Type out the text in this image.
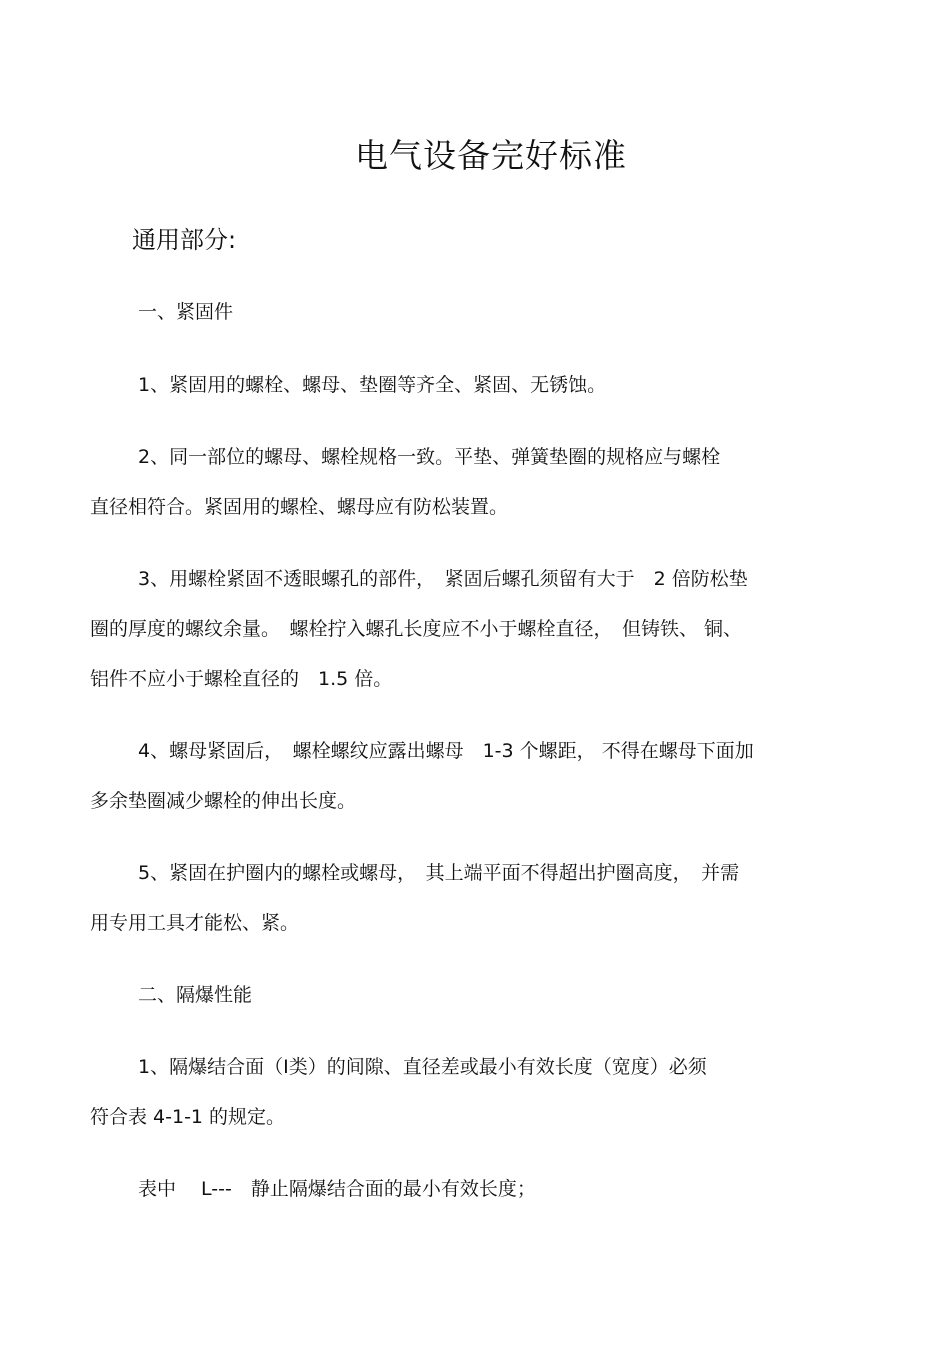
电气设备完好标准
通用部分:
一、紧固件
1、紧固用的螺栓、螺母、垫圈等齐全、紧固、无锈蚀。
2、同一部位的螺母、螺栓规格一致。平垫、弹簧垫圈的规格应与螺栓
直径相符合。紧固用的螺栓、螺母应有防松装置。
3、用螺栓紧固不透眼螺孔的部件，　紧固后螺孔须留有大于　2 倍防松垫
圈的厚度的螺纹余量。　螺栓拧入螺孔长度应不小于螺栓直径，　但铸铁、 铜、
铝件不应小于螺栓直径的　1.5 倍。
4、螺母紧固后，　螺栓螺纹应露出螺母　1-3 个螺距， 不得在螺母下面加
多余垫圈减少螺栓的伸出长度。
5、紧固在护圈内的螺栓或螺母，　其上端平面不得超出护圈高度，　并需
用专用工具才能松、紧。
二、隔爆性能
1、隔爆结合面（Ⅰ类）的间隙、直径差或最小有效长度（宽度）必须
符合表 4-1-1 的规定。
表中　 L---　静止隔爆结合面的最小有效长度；
